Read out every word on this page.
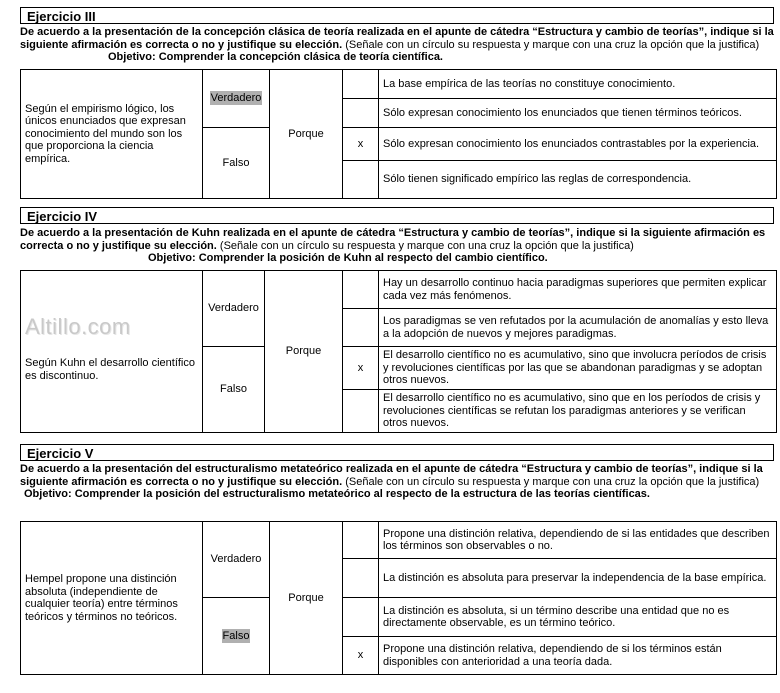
Ejercicio III
De acuerdo a la presentación de la concepción clásica de teoría realizada en el apunte de cátedra “Estructura y cambio de teorías”, indique si la siguiente afirmación es correcta o no y justifique su elección. (Señale con un círculo su respuesta y marque con una cruz la opción que la justifica) Objetivo: Comprender la concepción clásica de teoría científica.
Según el empirismo lógico, los únicos enunciados que expresan conocimiento del mundo son los que proporciona la ciencia empírica.	Verdadero	Porque		La base empírica de las teorías no constituye conocimiento.
				Sólo expresan conocimiento los enunciados que tienen términos teóricos.
	Falso		x	Sólo expresan conocimiento los enunciados contrastables por la experiencia.
				Sólo tienen significado empírico las reglas de correspondencia.
Ejercicio IV
De acuerdo a la presentación de Kuhn realizada en el apunte de cátedra “Estructura y cambio de teorías”, indique si la siguiente afirmación es correcta o no y justifique su elección. (Señale con un círculo su respuesta y marque con una cruz la opción que la justifica) Objetivo: Comprender la posición de Kuhn al respecto del cambio científico.
Altillo.com
Según Kuhn el desarrollo científico es discontinuo.	Verdadero	Porque		Hay un desarrollo continuo hacia paradigmas superiores que permiten explicar cada vez más fenómenos.
				Los paradigmas se ven refutados por la acumulación de anomalías y esto lleva a la adopción de nuevos y mejores paradigmas.
	Falso		x	El desarrollo científico no es acumulativo, sino que involucra períodos de crisis y revoluciones científicas por las que se abandonan paradigmas y se adoptan otros nuevos.
				El desarrollo científico no es acumulativo, sino que en los períodos de crisis y revoluciones científicas se refutan los paradigmas anteriores y se verifican otros nuevos.
Ejercicio V
De acuerdo a la presentación del estructuralismo metateórico realizada en el apunte de cátedra “Estructura y cambio de teorías”, indique si la siguiente afirmación es correcta o no y justifique su elección. (Señale con un círculo su respuesta y marque con una cruz la opción que la justifica)
Objetivo: Comprender la posición del estructuralismo metateórico al respecto de la estructura de las teorías científicas.
Hempel propone una distinción absoluta (independiente de cualquier teoría) entre términos teóricos y términos no teóricos.	Verdadero	Porque		Propone una distinción relativa, dependiendo de si las entidades que describen los términos son observables o no.
				La distinción es absoluta para preservar la independencia de la base empírica.
	Falso			La distinción es absoluta, si un término describe una entidad que no es directamente observable, es un término teórico.
			x	Propone una distinción relativa, dependiendo de si los términos están disponibles con anterioridad a una teoría dada.
